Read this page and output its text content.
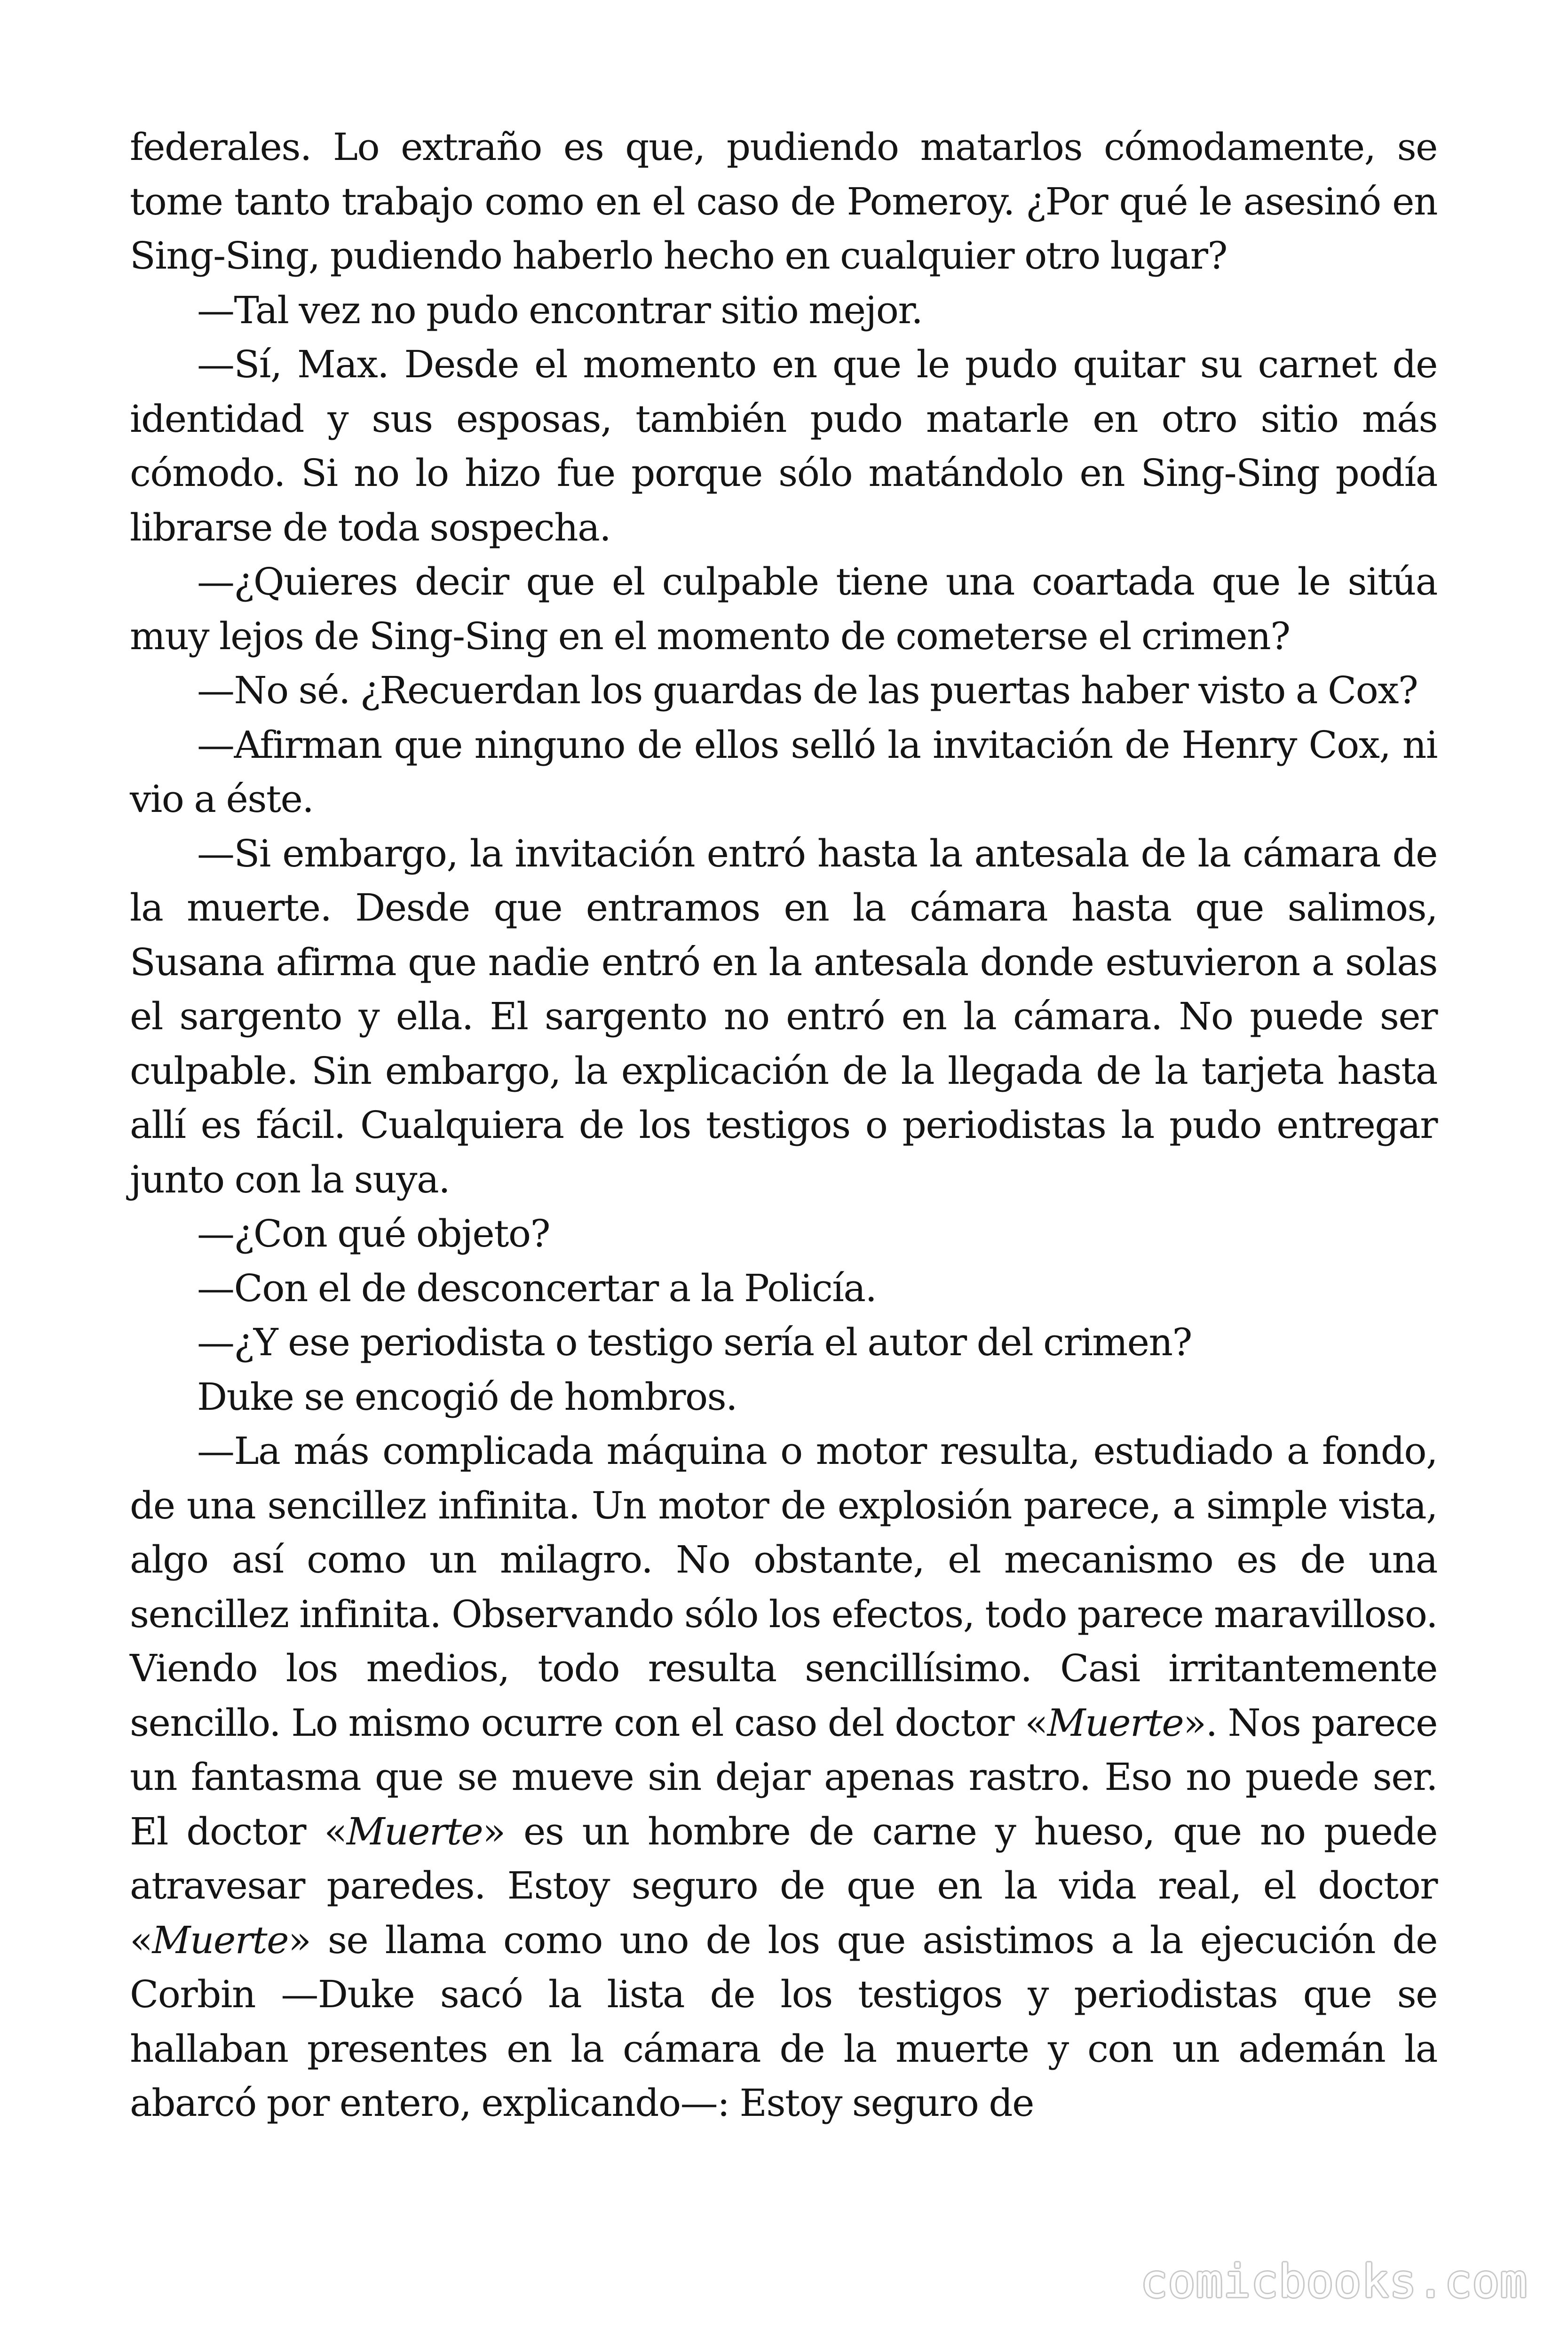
federales. Lo extraño es que, pudiendo matarlos cómodamente, se tome tanto trabajo como en el caso de Pomeroy. ¿Por qué le asesinó en Sing-Sing, pudiendo haberlo hecho en cualquier otro lugar?

—Tal vez no pudo encontrar sitio mejor.

—Sí, Max. Desde el momento en que le pudo quitar su carnet de identidad y sus esposas, también pudo matarle en otro sitio más cómodo. Si no lo hizo fue porque sólo matándolo en Sing-Sing podía librarse de toda sospecha.

—¿Quieres decir que el culpable tiene una coartada que le sitúa muy lejos de Sing-Sing en el momento de cometerse el crimen?

—No sé. ¿Recuerdan los guardas de las puertas haber visto a Cox?

—Afirman que ninguno de ellos selló la invitación de Henry Cox, ni vio a éste.

—Si embargo, la invitación entró hasta la antesala de la cámara de la muerte. Desde que entramos en la cámara hasta que salimos, Susana afirma que nadie entró en la antesala donde estuvieron a solas el sargento y ella. El sargento no entró en la cámara. No puede ser culpable. Sin embargo, la explicación de la llegada de la tarjeta hasta allí es fácil. Cualquiera de los testigos o periodistas la pudo entregar junto con la suya.

—¿Con qué objeto?

—Con el de desconcertar a la Policía.

—¿Y ese periodista o testigo sería el autor del crimen?

Duke se encogió de hombros.

—La más complicada máquina o motor resulta, estudiado a fondo, de una sencillez infinita. Un motor de explosión parece, a simple vista, algo así como un milagro. No obstante, el mecanismo es de una sencillez infinita. Observando sólo los efectos, todo parece maravilloso. Viendo los medios, todo resulta sencillísimo. Casi irritantemente sencillo. Lo mismo ocurre con el caso del doctor «Muerte». Nos parece un fantasma que se mueve sin dejar apenas rastro. Eso no puede ser. El doctor «Muerte» es un hombre de carne y hueso, que no puede atravesar paredes. Estoy seguro de que en la vida real, el doctor «Muerte» se llama como uno de los que asistimos a la ejecución de Corbin —Duke sacó la lista de los testigos y periodistas que se hallaban presentes en la cámara de la muerte y con un ademán la abarcó por entero, explicando—: Estoy seguro de

comicbooks.com
